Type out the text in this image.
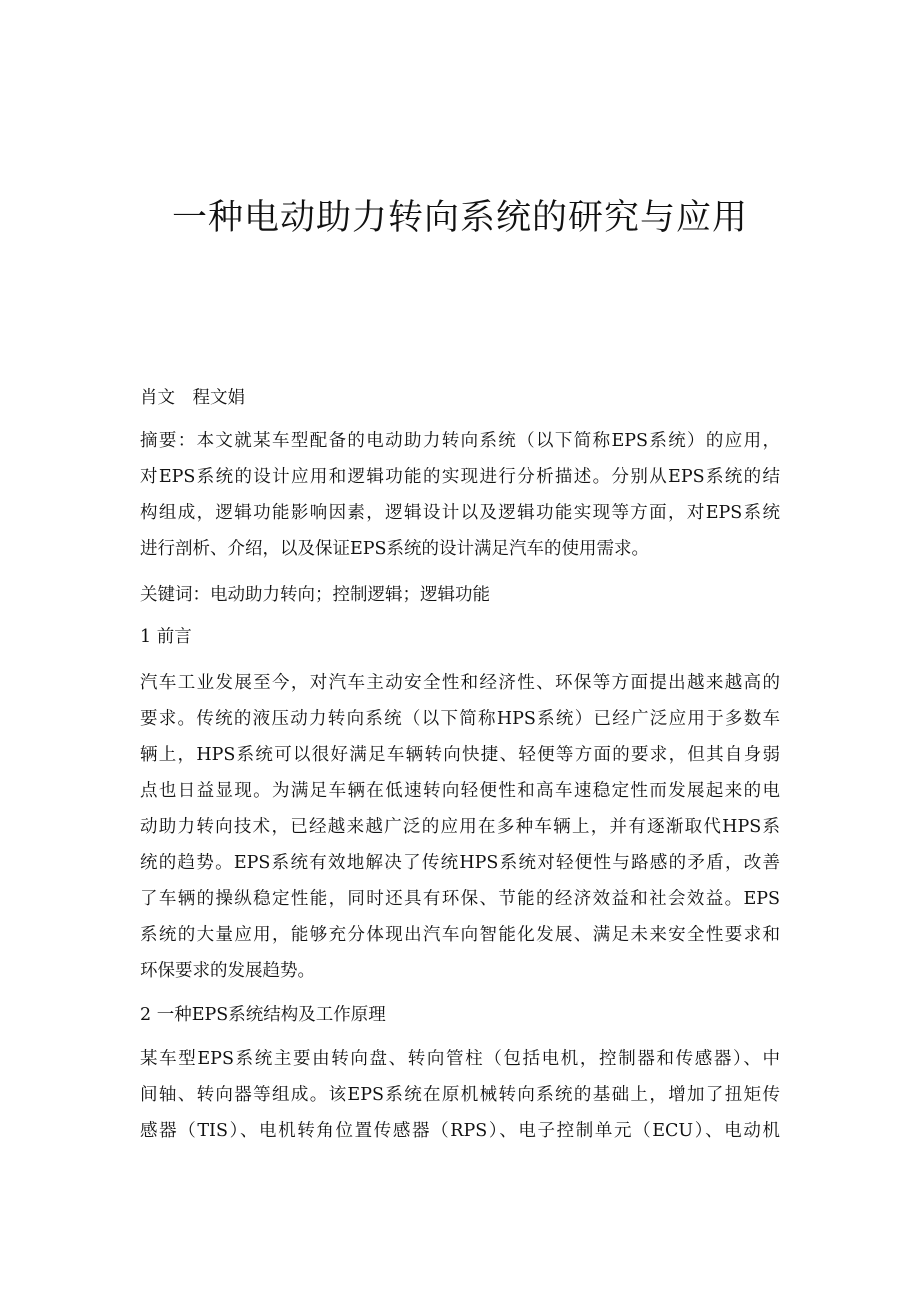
一种电动助力转向系统的研究与应用
肖文　程文娟
摘要：本文就某车型配备的电动助力转向系统（以下简称EPS系统）的应用，
对EPS系统的设计应用和逻辑功能的实现进行分析描述。分别从EPS系统的结
构组成，逻辑功能影响因素，逻辑设计以及逻辑功能实现等方面，对EPS系统
进行剖析、介绍，以及保证EPS系统的设计满足汽车的使用需求。
关键词：电动助力转向；控制逻辑；逻辑功能
1 前言
汽车工业发展至今，对汽车主动安全性和经济性、环保等方面提出越来越高的
要求。传统的液压动力转向系统（以下简称HPS系统）已经广泛应用于多数车
辆上，HPS系统可以很好满足车辆转向快捷、轻便等方面的要求，但其自身弱
点也日益显现。为满足车辆在低速转向轻便性和高车速稳定性而发展起来的电
动助力转向技术，已经越来越广泛的应用在多种车辆上，并有逐渐取代HPS系
统的趋势。EPS系统有效地解决了传统HPS系统对轻便性与路感的矛盾，改善
了车辆的操纵稳定性能，同时还具有环保、节能的经济效益和社会效益。EPS
系统的大量应用，能够充分体现出汽车向智能化发展、满足未来安全性要求和
环保要求的发展趋势。
2 一种EPS系统结构及工作原理
某车型EPS系统主要由转向盘、转向管柱（包括电机，控制器和传感器）、中
间轴、转向器等组成。该EPS系统在原机械转向系统的基础上，增加了扭矩传
感器（TIS）、电机转角位置传感器（RPS）、电子控制单元（ECU）、电动机
